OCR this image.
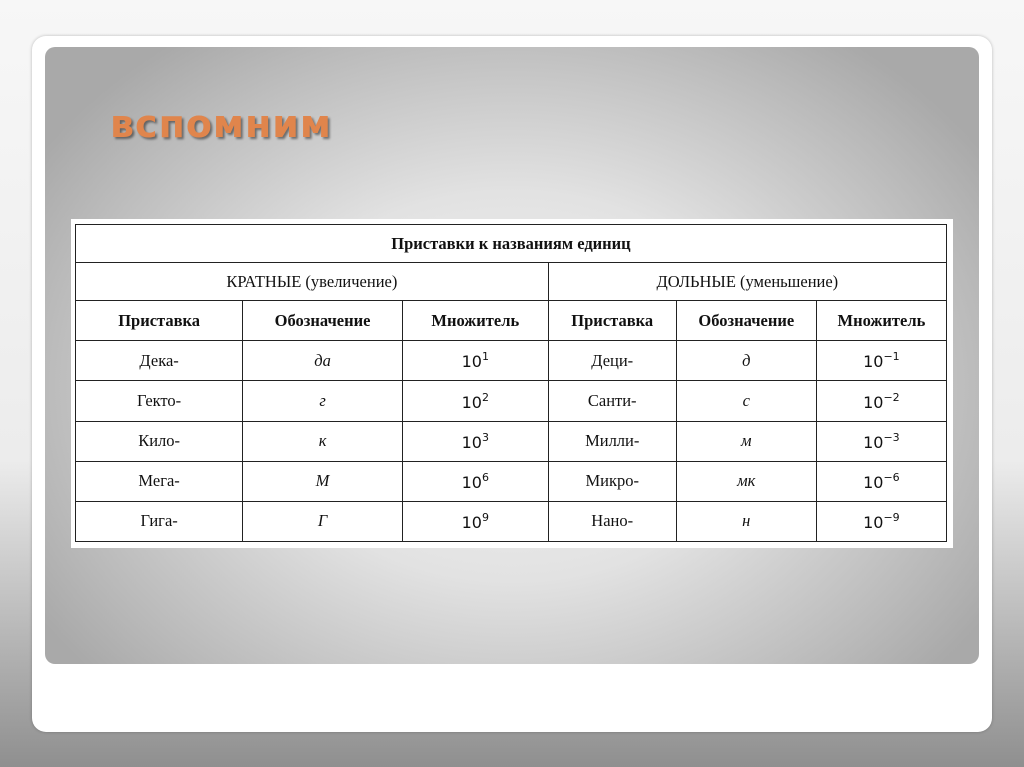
вспомним
Приставки к названиям единиц					
КРАТНЫЕ (увеличение)			ДОЛЬНЫЕ (уменьшение)		
Приставка	Обозначение	Множитель	Приставка	Обозначение	Множитель
Дека-	да	$10^1$	Деци-	д	$10^{-1}$
Гекто-	г	$10^2$	Санти-	с	$10^{-2}$
Кило-	к	$10^3$	Милли-	м	$10^{-3}$
Мега-	М	$10^6$	Микро-	мк	$10^{-6}$
Гига-	Г	$10^9$	Нано-	н	$10^{-9}$
